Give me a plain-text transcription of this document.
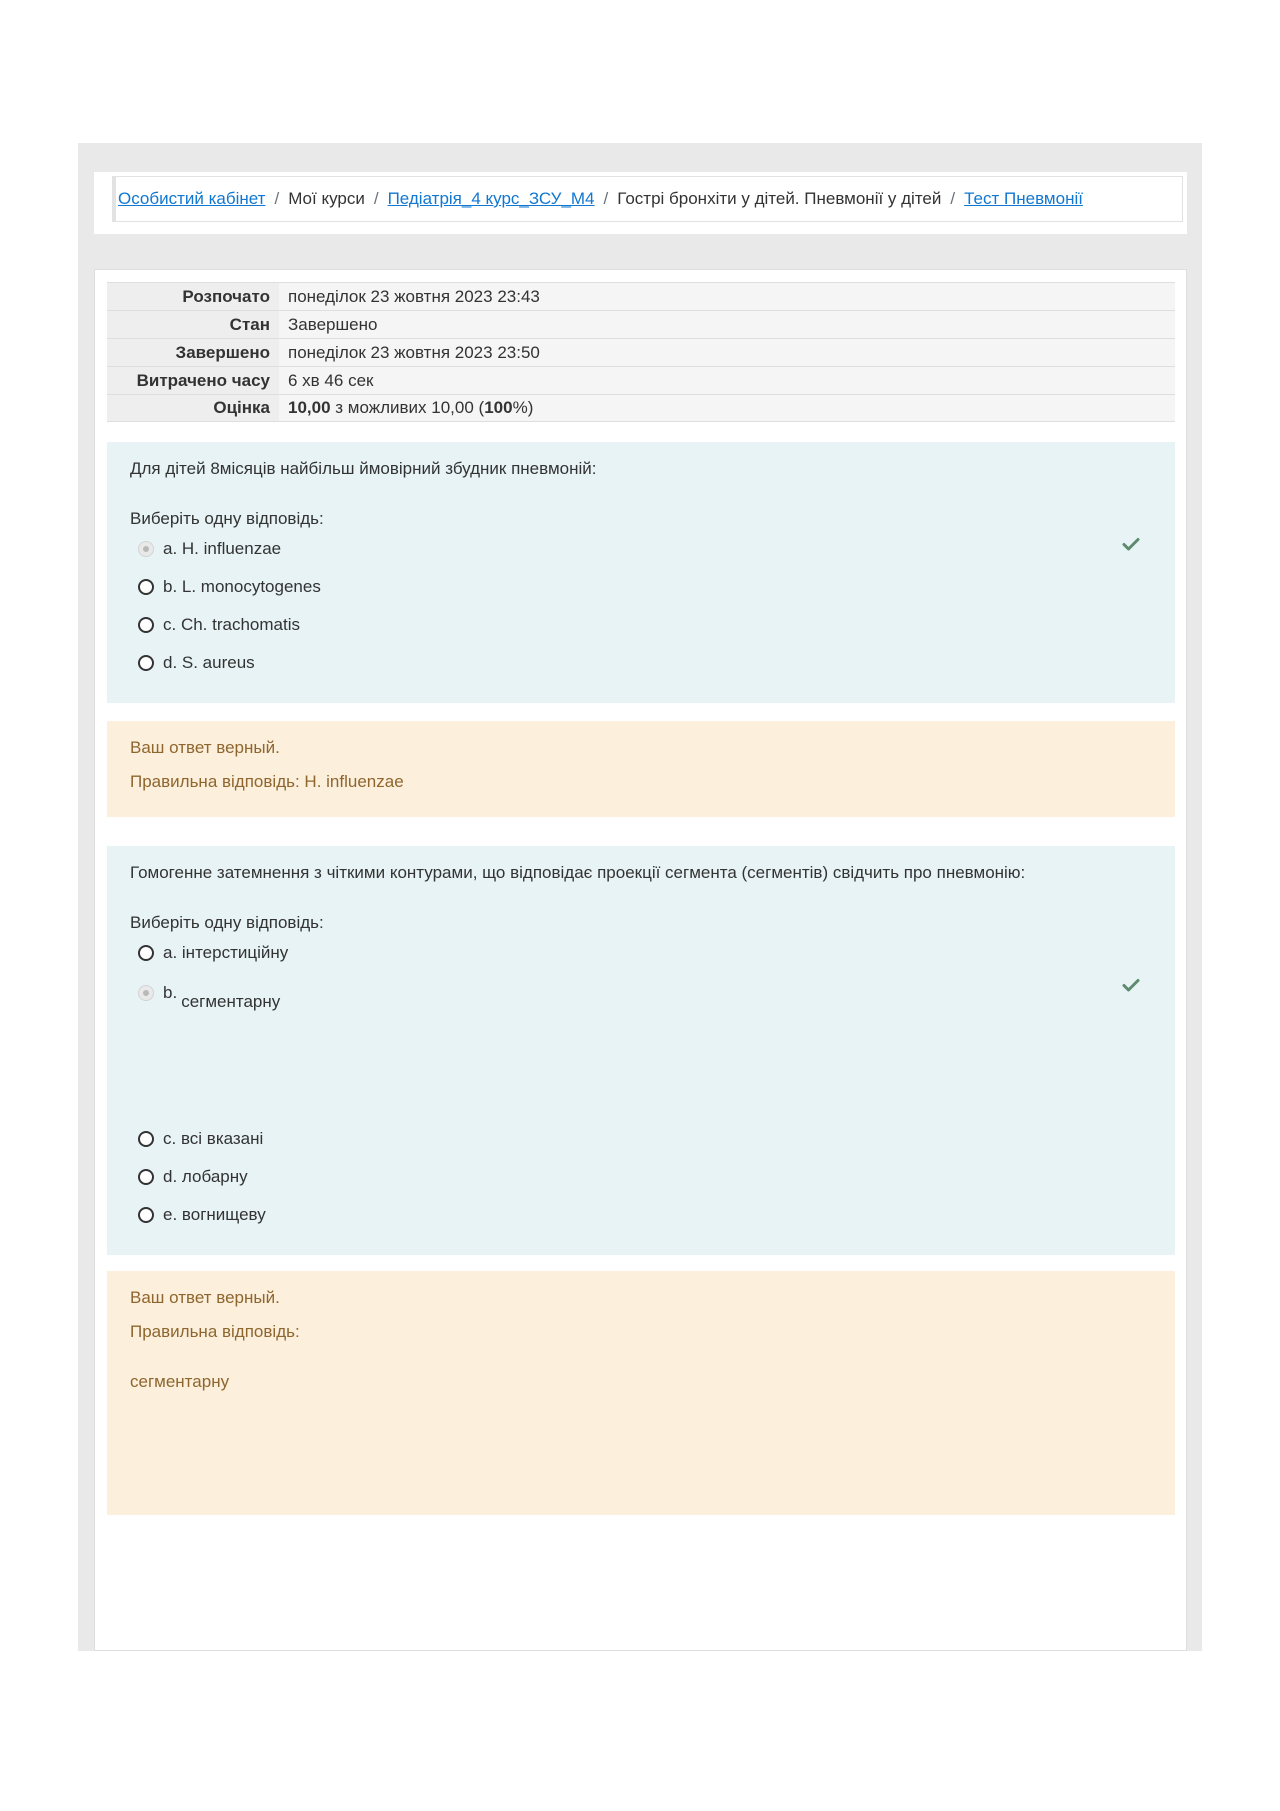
Особистий кабінет / Мої курси / Педіатрія_4 курс_ЗСУ_М4 / Гострі бронхіти у дітей. Пневмонії у дітей / Тест Пневмонії
Розпочато	понеділок 23 жовтня 2023 23:43
Стан	Завершено
Завершено	понеділок 23 жовтня 2023 23:50
Витрачено часу	6 хв 46 сек
Оцінка	10,00 з можливих 10,00 (100%)
Для дітей 8місяців найбільш ймовірний збудник пневмоній:
Виберіть одну відповідь:
a. H. influenzae
b. L. monocytogenes
c. Ch. trachomatis
d. S. aureus
Ваш ответ верный.
Правильна відповідь: H. influenzae
Гомогенне затемнення з чіткими контурами, що відповідає проекції сегмента (сегментів) свідчить про пневмонію:
Виберіть одну відповідь:
a. інтерстиційну
b. сегментарну
c. всі вказані
d. лобарну
e. вогнищеву
Ваш ответ верный.
Правильна відповідь:
сегментарну
